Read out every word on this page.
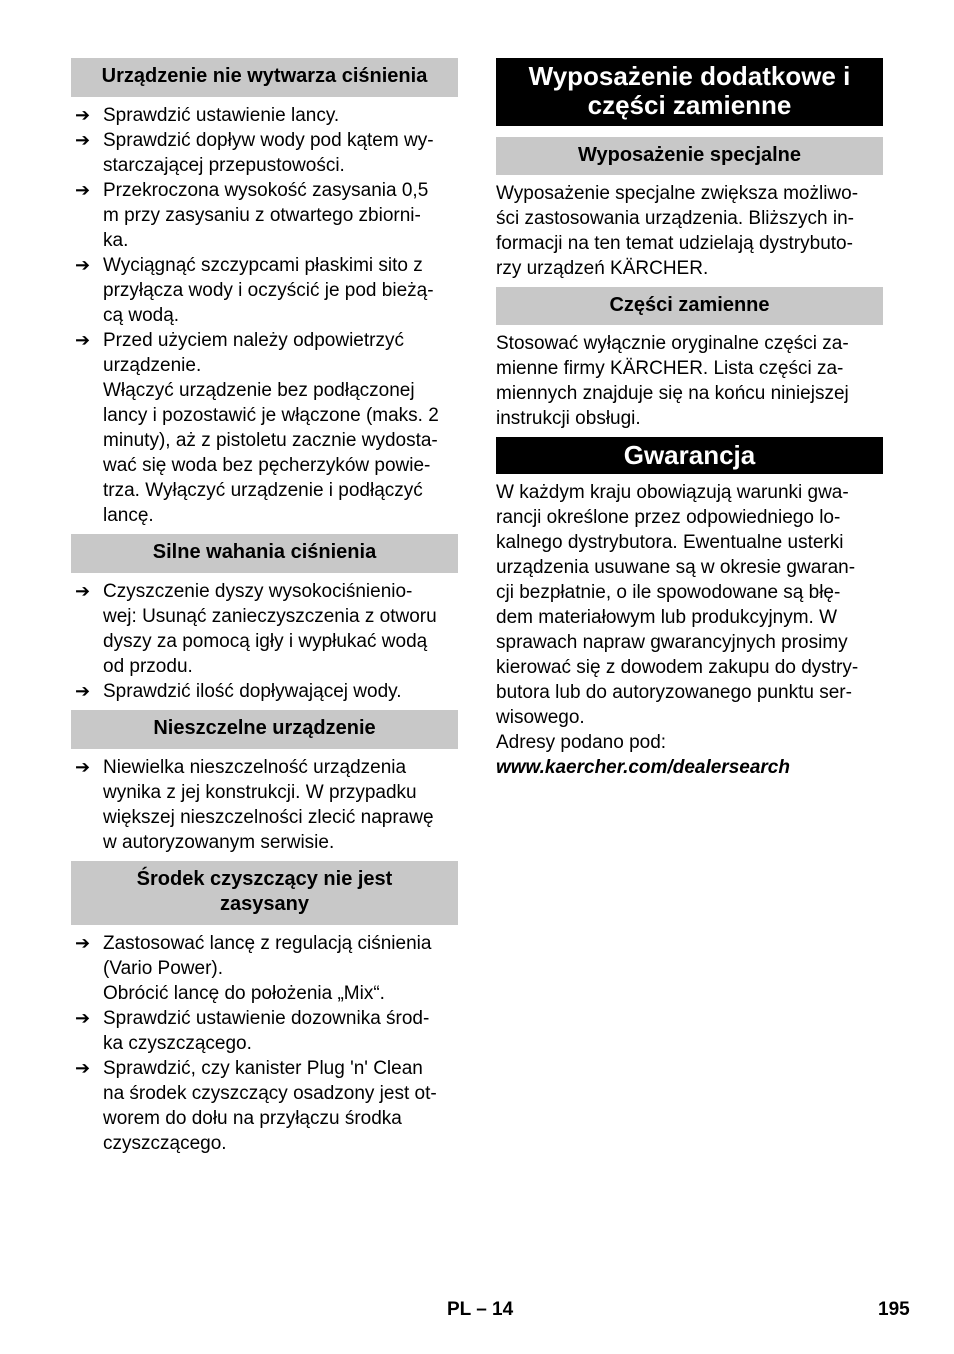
Urządzenie nie wytwarza ciśnienia
➔ Sprawdzić ustawienie lancy.
➔ Sprawdzić dopływ wody pod kątem wy-
starczającej przepustowości.
➔ Przekroczona wysokość zasysania 0,5
m przy zasysaniu z otwartego zbiorni-
ka.
➔ Wyciągnąć szczypcami płaskimi sito z
przyłącza wody i oczyścić je pod bieżą-
cą wodą.
➔ Przed użyciem należy odpowietrzyć
urządzenie.
Włączyć urządzenie bez podłączonej
lancy i pozostawić je włączone (maks. 2
minuty), aż z pistoletu zacznie wydosta-
wać się woda bez pęcherzyków powie-
trza. Wyłączyć urządzenie i podłączyć
lancę.
Silne wahania ciśnienia
➔ Czyszczenie dyszy wysokociśnienio-
wej: Usunąć zanieczyszczenia z otworu
dyszy za pomocą igły i wypłukać wodą
od przodu.
➔ Sprawdzić ilość dopływającej wody.
Nieszczelne urządzenie
➔ Niewielka nieszczelność urządzenia
wynika z jej konstrukcji. W przypadku
większej nieszczelności zlecić naprawę
w autoryzowanym serwisie.
Środek czyszczący nie jest
zasysany
➔ Zastosować lancę z regulacją ciśnienia
(Vario Power).
Obrócić lancę do położenia „Mix“.
➔ Sprawdzić ustawienie dozownika środ-
ka czyszczącego.
➔ Sprawdzić, czy kanister Plug 'n' Clean
na środek czyszczący osadzony jest ot-
worem do dołu na przyłączu środka
czyszczącego.
Wyposażenie dodatkowe i
części zamienne
Wyposażenie specjalne

Wyposażenie specjalne zwiększa możliwo-

ści zastosowania urządzenia. Bliższych in-

formacji na ten temat udzielają dystrybuto-

rzy urządzeń KÄRCHER.

Części zamienne

Stosować wyłącznie oryginalne części za-

mienne firmy KÄRCHER. Lista części za-

miennych znajduje się na końcu niniejszej

instrukcji obsługi.

Gwarancja

W każdym kraju obowiązują warunki gwa-

rancji określone przez odpowiedniego lo-

kalnego dystrybutora. Ewentualne usterki

urządzenia usuwane są w okresie gwaran-

cji bezpłatnie, o ile spowodowane są błę-

dem materiałowym lub produkcyjnym. W

sprawach napraw gwarancyjnych prosimy

kierować się z dowodem zakupu do dystry-

butora lub do autoryzowanego punktu ser-

wisowego.

Adresy podano pod:

www.kaercher.com/dealersearch

PL – 14	195
